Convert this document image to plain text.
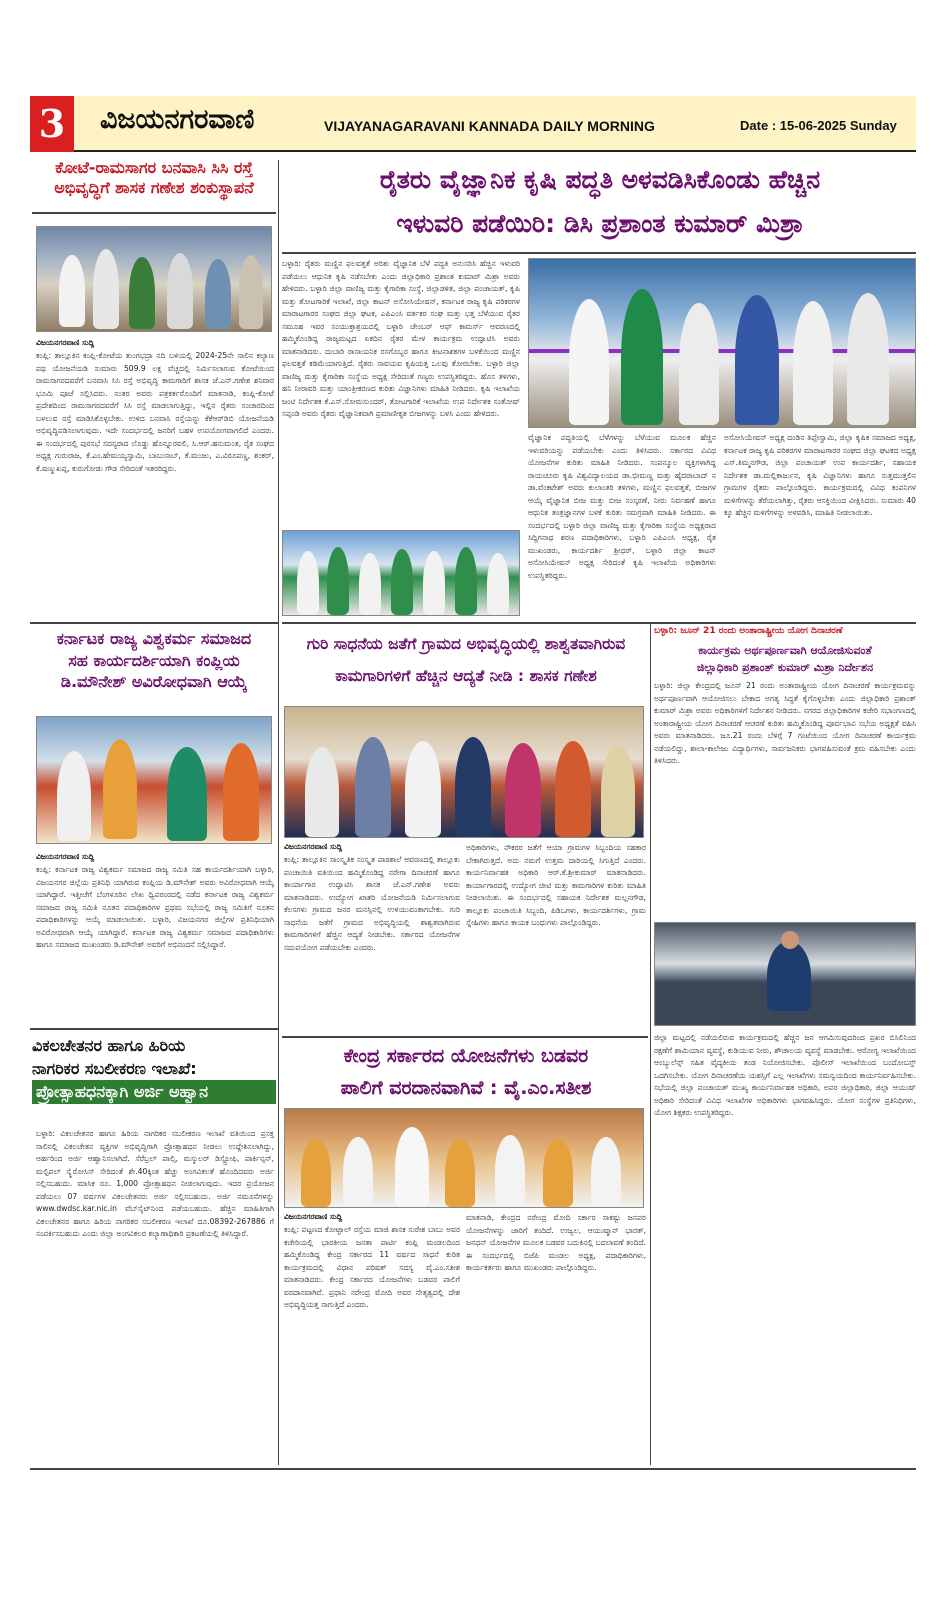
3	ವಿಜಯನಗರವಾಣಿ	VIJAYANAGARAVANI KANNADA DAILY MORNING	Date : 15-06-2025 Sunday
ಕೋಟೆ-ರಾಮಸಾಗರ ಬನವಾಸಿ ಸಿಸಿ ರಸ್ತೆ
ಅಭಿವೃದ್ಧಿಗೆ ಶಾಸಕ ಗಣೇಶ ಶಂಕುಸ್ಥಾಪನೆ
ವಿಜಯನಗರವಾಣಿ ಸುದ್ದಿ
ಕಂಪ್ಲಿ: ತಾಲ್ಲೂಕಿನ ಕಂಪ್ಲಿ-ಕೋಟೆಯ ತುಂಗಭದ್ರಾ ನದಿ ಬಳಿಯಲ್ಲಿ 2024-25ನೇ ಸಾಲಿನ ಕಲ್ಯಾಣ ಪಥ ಯೋಜನೆಯಡಿ ಸುಮಾರು 509.9 ಲಕ್ಷ ವೆಚ್ಚದಲ್ಲಿ ನಿರ್ಮಿಸಲಾಗುವ ಕೋಟೆಯಿಂದ ರಾಮಸಾಗರದವರೆಗೆ ಬನವಾಸಿ ಸಿಸಿ ರಸ್ತೆ ಅಭಿವೃದ್ಧಿ ಕಾಮಗಾರಿಗೆ ಶಾಸಕ ಜೆ.ಎನ್.ಗಣೇಶ ಶನಿವಾರ ಭೂಮಿ ಪೂಜೆ ಸಲ್ಲಿಸಿದರು. ನಂತರ ಅವರು ಪತ್ರಕರ್ತರೊಂದಿಗೆ ಮಾತನಾಡಿ, ಕಂಪ್ಲಿ-ಕೋಟೆ ಪ್ರದೇಶದಿಂದ ರಾಮಸಾಗರದವರೆಗೆ ಸಿಸಿ ರಸ್ತೆ ಮಾಡಲಾಗುತ್ತಿದ್ದು, ಇಲ್ಲಿನ ರೈತರು ಸಂಚಾರದಿಂದ ಬಳಲುವ ರಸ್ತೆ ಮಾಡಿಸಿಕೊಳ್ಳಬೇಕು. ಉಳಿದ ಬನವಾಸಿ ರಸ್ತೆಯನ್ನು ಕೆಕೆಆರ್‌ಡಿಬಿ ಯೋಜನೆಯಡಿ ಅಭಿವೃದ್ಧಿಪಡಿಸಲಾಗುವುದು. ಇದೇ ಸಂದರ್ಭದಲ್ಲಿ ಜನರಿಗೆ ಬಹಳ ಉಪಯೋಗವಾಗಲಿದೆ ಎಂದರು. ಈ ಸಂದರ್ಭದಲ್ಲಿ ಪುರಸಭೆ ಸದಸ್ಯರಾದ ಲೊಡ್ಡು ಹೊನ್ನೂರವಲಿ, ಸಿ.ಆರ್.ಹನುಮಂತ, ರೈತ ಸಂಘದ ಅಧ್ಯಕ್ಷ ಗುರುರಾಜ, ಕೆ.ಎಂ.ಹೇಮಯ್ಯಸ್ವಾಮಿ, ಬಾಬುಸಾಬ್, ಕೆ.ಮಂಜು, ಎ.ವಿರೂಪಣ್ಣ, ಶಂಕರ್, ಕೆ.ಷಣ್ಮುಖಪ್ಪ, ಕುರುಗೋಡು ಗೌಡ ಸೇರಿದಂತೆ ಇತರರಿದ್ದರು.
ಕರ್ನಾಟಕ ರಾಜ್ಯ ವಿಶ್ವಕರ್ಮ ಸಮಾಜದ
ಸಹ ಕಾರ್ಯದರ್ಶಿಯಾಗಿ ಕಂಪ್ಲಿಯ
ಡಿ.ಮೌನೇಶ್ ಅವಿರೋಧವಾಗಿ ಆಯ್ಕೆ
ವಿಜಯನಗರವಾಣಿ ಸುದ್ದಿ
ಕಂಪ್ಲಿ: ಕರ್ನಾಟಕ ರಾಜ್ಯ ವಿಶ್ವಕರ್ಮ ಸಮಾಜದ ರಾಜ್ಯ ಸಮಿತಿ ಸಹ ಕಾರ್ಯದರ್ಶಿಯಾಗಿ ಬಳ್ಳಾರಿ, ವಿಜಯನಗರ ಜಿಲ್ಲೆಯ ಪ್ರತಿನಿಧಿ ಯಾಗಿರುವ ಕಂಪ್ಲಿಯ ಡಿ.ಮೌನೇಶ್ ಅವರು ಅವಿರೋಧವಾಗಿ ಆಯ್ಕೆ ಯಾಗಿದ್ದಾರೆ. ಇತ್ತೀಚೆಗೆ ಬೆಂಗಳೂರಿನ ಲೇಖ ಧ್ವಿಪರಂರದಲ್ಲಿ ನಡೆದ ಕರ್ನಾಟಕ ರಾಜ್ಯ ವಿಶ್ವಕರ್ಮ ಸಮಾಜದ ರಾಜ್ಯ ಸಮಿತಿ ನೂತನ ಪದಾಧಿಕಾರಿಗಳ ಪ್ರಥಮ ಸಭೆಯಲ್ಲಿ ರಾಜ್ಯ ಸಮಿತಿಗೆ ನೂತನ ಪದಾಧಿಕಾರಿಗಳನ್ನು ಆಯ್ಕೆ ಮಾಡಲಾಯಿತು. ಬಳ್ಳಾರಿ, ವಿಜಯನಗರ ಜಿಲ್ಲೆಗಳ ಪ್ರತಿನಿಧಿಯಾಗಿ ಅವಿರೋಧವಾಗಿ ಆಯ್ಕೆ ಯಾಗಿದ್ದಾರೆ. ಕರ್ನಾಟಕ ರಾಜ್ಯ ವಿಶ್ವಕರ್ಮ ಸಮಾಜದ ಪದಾಧಿಕಾರಿಗಳು ಹಾಗೂ ಸಮಾಜದ ಮುಖಂಡರು ಡಿ.ಮೌನೇಶ್ ಅವರಿಗೆ ಅಭಿನಂದನೆ ಸಲ್ಲಿಸಿದ್ದಾರೆ.
ವಿಕಲಚೇತನರ ಹಾಗೂ ಹಿರಿಯ
ನಾಗರಿಕರ ಸಬಲೀಕರಣ ಇಲಾಖೆ:
ಪ್ರೋತ್ಸಾಹಧನಕ್ಕಾಗಿ ಅರ್ಜಿ ಅಹ್ವಾನ
ಬಳ್ಳಾರಿ: ವಿಕಲಚೇತನರ ಹಾಗೂ ಹಿರಿಯ ನಾಗರಿಕರ ಸಬಲೀಕರಣ ಇಲಾಖೆ ವತಿಯಿಂದ ಪ್ರಸಕ್ತ ಸಾಲಿನಲ್ಲಿ ವಿಕಲಚೇತನ ವ್ಯಕ್ತಿಗಳ ಅಭಿವೃದ್ಧಿಗಾಗಿ ಪ್ರೋತ್ಸಾಹಧನ ನೀಡಲು ಉದ್ದೇಶಿಸಲಾಗಿದ್ದು, ಅರ್ಹರಿಂದ ಅರ್ಜಿ ಆಹ್ವಾನಿಸಲಾಗಿದೆ. ಸೆರೆಬ್ರಲ್ ಪಾಲ್ಸಿ, ಮಸ್ಕುಲರ್ ಡಿಸ್ಟ್ರೋಫಿ, ಪಾರ್ಕಿನ್ಸನ್, ಮಲ್ಟಿಪಲ್ ಸ್ಕ್ಲೆರೋಸಿಸ್ ಸೇರಿದಂತೆ ಶೇ.40ಕ್ಕಿಂತ ಹೆಚ್ಚು ಅಂಗವಿಕಲತೆ ಹೊಂದಿದವರು ಅರ್ಜಿ ಸಲ್ಲಿಸಬಹುದು. ಮಾಸಿಕ ರೂ. 1,000 ಪ್ರೋತ್ಸಾಹಧನ ನೀಡಲಾಗುವುದು. ಇದರ ಪ್ರಯೋಜನ ಪಡೆಯಲು 07 ವರ್ಷಗಳ ವಿಕಲಚೇತನರು ಅರ್ಜಿ ಸಲ್ಲಿಸಬಹುದು. ಅರ್ಜಿ ನಮೂನೆಗಳನ್ನು www.dwdsc.kar.nic.in ವೆಬ್‌ಸೈಟ್‌ನಿಂದ ಪಡೆಯಬಹುದು. ಹೆಚ್ಚಿನ ಮಾಹಿತಿಗಾಗಿ ವಿಕಲಚೇತನರ ಹಾಗೂ ಹಿರಿಯ ನಾಗರಿಕರ ಸಬಲೀಕರಣ ಇಲಾಖೆ ದೂ.08392-267886 ಗೆ ಸಂಪರ್ಕಿಸಬಹುದು ಎಂದು ಜಿಲ್ಲಾ ಅಂಗವಿಕಲರ ಕಲ್ಯಾಣಾಧಿಕಾರಿ ಪ್ರಕಟಣೆಯಲ್ಲಿ ತಿಳಿಸಿದ್ದಾರೆ.
ರೈತರು ವೈಜ್ಞಾನಿಕ ಕೃಷಿ ಪದ್ಧತಿ ಅಳವಡಿಸಿಕೊಂಡು ಹೆಚ್ಚಿನ
ಇಳುವರಿ ಪಡೆಯಿರಿ: ಡಿಸಿ ಪ್ರಶಾಂತ ಕುಮಾರ್ ಮಿಶ್ರಾ
ಬಳ್ಳಾರಿ: ರೈತರು ಮಣ್ಣಿನ ಫಲವತ್ತತೆ ಅರಿತು ವೈಜ್ಞಾನಿಕ ಬೆಳೆ ಪದ್ಧತಿ ಅನುಸರಿಸಿ ಹೆಚ್ಚಿನ ಇಳುವರಿ ಪಡೆಯಲು ಆಧುನಿಕ ಕೃಷಿ ನಡೆಸಬೇಕು ಎಂದು ಜಿಲ್ಲಾಧಿಕಾರಿ ಪ್ರಶಾಂತ ಕುಮಾರ್ ಮಿಶ್ರಾ ಅವರು ಹೇಳಿದರು. ಬಳ್ಳಾರಿ ಜಿಲ್ಲಾ ವಾಣಿಜ್ಯ ಮತ್ತು ಕೈಗಾರಿಕಾ ಸಂಸ್ಥೆ, ಜಿಲ್ಲಾಡಳಿತ, ಜಿಲ್ಲಾ ಪಂಚಾಯತ್, ಕೃಷಿ ಮತ್ತು ತೋಟಗಾರಿಕೆ ಇಲಾಖೆ, ಜಿಲ್ಲಾ ಕಾಟನ್ ಅಸೋಸಿಯೇಷನ್, ಕರ್ನಾಟಕ ರಾಜ್ಯ ಕೃಷಿ ಪರಿಕರಗಳ ಮಾರಾಟಗಾರರ ಸಂಘದ ಜಿಲ್ಲಾ ಘಟಕ, ಎಪಿಎಂಸಿ ವರ್ತಕರ ಸಂಘ ಮತ್ತು ಭತ್ತ ಬೆಳೆಯುವ ರೈತರ ಸಮೂಹ ಇವರ ಸಂಯುಕ್ತಾಶ್ರಯದಲ್ಲಿ ಬಳ್ಳಾರಿ ಚೇಂಬರ್ ಆಫ್ ಕಾಮರ್ಸ್ ಆವರಣದಲ್ಲಿ ಹಮ್ಮಿಕೊಂಡಿದ್ದ ರಾಜ್ಯಮಟ್ಟದ ಏಕದಿನ ರೈತರ ಮೇಳ ಕಾರ್ಯಕ್ರಮ ಉದ್ಘಾಟಿಸಿ ಅವರು ಮಾತನಾಡಿದರು. ದುಬಾರಿ ರಾಸಾಯನಿಕ ರಸಗೊಬ್ಬರ ಹಾಗೂ ಕೀಟನಾಶಕಗಳ ಬಳಕೆಯಿಂದ ಮಣ್ಣಿನ ಫಲವತ್ತತೆ ಕಡಿಮೆಯಾಗುತ್ತಿದೆ. ರೈತರು ಸಾವಯವ ಕೃಷಿಯತ್ತ ಒಲವು ತೋರಬೇಕು. ಬಳ್ಳಾರಿ ಜಿಲ್ಲಾ ವಾಣಿಜ್ಯ ಮತ್ತು ಕೈಗಾರಿಕಾ ಸಂಸ್ಥೆಯ ಅಧ್ಯಕ್ಷ ಸೇರಿದಂತೆ ಗಣ್ಯರು ಉಪಸ್ಥಿತರಿದ್ದರು. ಹೊಸ ತಳಿಗಳು, ಹನಿ ನೀರಾವರಿ ಮತ್ತು ಯಾಂತ್ರೀಕರಣದ ಕುರಿತು ವಿಜ್ಞಾನಿಗಳು ಮಾಹಿತಿ ನೀಡಿದರು. ಕೃಷಿ ಇಲಾಖೆಯ ಜಂಟಿ ನಿರ್ದೇಶಕ ಕೆ.ಎಸ್.ಸೋಮಸುಂದರ್, ತೋಟಗಾರಿಕೆ ಇಲಾಖೆಯ ಉಪ ನಿರ್ದೇಶಕ ಸಂತೋಷ್ ಸಪ್ಪಂಡಿ ಅವರು ರೈತರು ವೈಜ್ಞಾನಿಕವಾಗಿ ಪ್ರಮಾಣೀಕೃತ ಬೀಜಗಳನ್ನು ಬಳಸಿ ಎಂದು ಹೇಳಿದರು.
ವೈಜ್ಞಾನಿಕ ಪದ್ಧತಿಯಲ್ಲಿ ಬೆಳೆಗಳನ್ನು ಬೆಳೆಯುವ ಮೂಲಕ ಹೆಚ್ಚಿನ ಇಳುವರಿಯನ್ನು ಪಡೆಯಬೇಕು ಎಂದು ತಿಳಿಸಿದರು. ಸರ್ಕಾರದ ವಿವಿಧ ಯೋಜನೆಗಳ ಕುರಿತು ಮಾಹಿತಿ ನೀಡಿದರು. ಸಂಪನ್ಮೂಲ ವ್ಯಕ್ತಿಗಳಾಗಿದ್ದ ರಾಯಚೂರು ಕೃಷಿ ವಿಶ್ವವಿದ್ಯಾಲಯದ ಡಾ.ಭೀಮಣ್ಣ ಮತ್ತು ಹೈದರಾಬಾದ್ ನ ಡಾ.ವೆಂಕಟೇಶ್ ಅವರು ಕುಲಾಂತರಿ ತಳಿಗಳು, ಮಣ್ಣಿನ ಫಲವತ್ತತೆ, ಬೀಜಗಳ ಆಯ್ಕೆ ವೈಜ್ಞಾನಿಕ ಬೀಜ ಮತ್ತು ಬೀಜ ಸಂಸ್ಕರಣೆ, ನೀರು ನಿರ್ವಹಣೆ ಹಾಗೂ ಆಧುನಿಕ ತಂತ್ರಜ್ಞಾನಗಳ ಬಳಕೆ ಕುರಿತು ಸಮಗ್ರವಾಗಿ ಮಾಹಿತಿ ನೀಡಿದರು. ಈ ಸಂದರ್ಭದಲ್ಲಿ ಬಳ್ಳಾರಿ ಜಿಲ್ಲಾ ವಾಣಿಜ್ಯ ಮತ್ತು ಕೈಗಾರಿಕಾ ಸಂಸ್ಥೆಯ ಅಧ್ಯಕ್ಷರಾದ ಸಿದ್ದಿಗನಾಥ ಶರಣ ಪದಾಧಿಕಾರಿಗಳು, ಬಳ್ಳಾರಿ ಎಪಿಎಂಸಿ ಅಧ್ಯಕ್ಷ, ರೈತ ಮುಖಂಡರು, ಕಾರ್ಯದರ್ಶಿ ಶ್ರೀಧರ್, ಬಳ್ಳಾರಿ ಜಿಲ್ಲಾ ಕಾಟನ್ ಅಸೋಸಿಯೇಷನ್ ಅಧ್ಯಕ್ಷ ಸೇರಿದಂತೆ ಕೃಷಿ ಇಲಾಖೆಯ ಅಧಿಕಾರಿಗಳು ಉಪಸ್ಥಿತರಿದ್ದರು.
ಅಸೋಸಿಯೇಷನ್ ಅಧ್ಯಕ್ಷ ದಂಡಿನ ತಿಪ್ಪೇಸ್ವಾಮಿ, ಜಿಲ್ಲಾ ಕೃಷಿಕ ಸಮಾಜದ ಅಧ್ಯಕ್ಷ, ಕರ್ನಾಟಕ ರಾಜ್ಯ ಕೃಷಿ ಪರಿಕರಗಳ ಮಾರಾಟಗಾರರ ಸಂಘದ ಜಿಲ್ಲಾ ಘಟಕದ ಅಧ್ಯಕ್ಷ ಎಸ್.ತಿಮ್ಮನಗೌಡ, ಜಿಲ್ಲಾ ಪಂಚಾಯತ್ ಉಪ ಕಾರ್ಯದರ್ಶಿ, ಸಹಾಯಕ ನಿರ್ದೇಶಕ ಡಾ.ಮಲ್ಲಿಕಾರ್ಜುನ, ಕೃಷಿ ವಿಜ್ಞಾನಿಗಳು ಹಾಗೂ ಸುತ್ತಮುತ್ತಲಿನ ಗ್ರಾಮಗಳ ರೈತರು ಪಾಲ್ಗೊಂಡಿದ್ದರು. ಕಾರ್ಯಕ್ರಮದಲ್ಲಿ ವಿವಿಧ ಕಂಪನಿಗಳ ಮಳಿಗೆಗಳನ್ನು ತೆರೆಯಲಾಗಿತ್ತು, ರೈತರು ಆಸಕ್ತಿಯಿಂದ ವೀಕ್ಷಿಸಿದರು. ಸುಮಾರು 40 ಕ್ಕೂ ಹೆಚ್ಚಿನ ಮಳಿಗೆಗಳನ್ನು ಅಳವಡಿಸಿ, ಮಾಹಿತಿ ನೀಡಲಾಯಿತು.
ಗುರಿ ಸಾಧನೆಯ ಜತೆಗೆ ಗ್ರಾಮದ ಅಭಿವೃದ್ಧಿಯಲ್ಲಿ ಶಾಶ್ವತವಾಗಿರುವ
ಕಾಮಗಾರಿಗಳಿಗೆ ಹೆಚ್ಚಿನ ಆದ್ಯತೆ ನೀಡಿ : ಶಾಸಕ ಗಣೇಶ
ವಿಜಯನಗರವಾಣಿ ಸುದ್ದಿ
ಕಂಪ್ಲಿ: ತಾಲ್ಲೂಕಿನ ಸಾಂಸ್ಕೃತಿಕ ಸಂಸ್ಕೃತ ಪಾಠಶಾಲೆ ಆವರಣದಲ್ಲಿ ತಾಲ್ಲೂಕು ಪಂಚಾಯಿತಿ ವತಿಯಿಂದ ಹಮ್ಮಿಕೊಂಡಿದ್ದ ನರೇಗಾ ದಿನಾಚರಣೆ ಹಾಗೂ ಕಾರ್ಯಾಗಾರ ಉದ್ಘಾಟಿಸಿ ಶಾಸಕ ಜೆ.ಎನ್.ಗಣೇಶ ಅವರು ಮಾತನಾಡಿದರು. ಉದ್ಯೋಗ ಖಾತರಿ ಯೋಜನೆಯಡಿ ನಿರ್ಮಿಸಲಾಗುವ ಕೆಲಸಗಳು ಗ್ರಾಮದ ಜನರ ಮನಸ್ಸಿನಲ್ಲಿ ಉಳಿಯುವಂತಾಗಬೇಕು. ಗುರಿ ಸಾಧನೆಯ ಜತೆಗೆ ಗ್ರಾಮದ ಅಭಿವೃದ್ಧಿಯಲ್ಲಿ ಶಾಶ್ವತವಾಗಿರುವ ಕಾಮಗಾರಿಗಳಿಗೆ ಹೆಚ್ಚಿನ ಆದ್ಯತೆ ನೀಡಬೇಕು. ಸರ್ಕಾರದ ಯೋಜನೆಗಳ ಸದುಪಯೋಗ ಪಡೆಯಬೇಕು ಎಂದರು.
ಅಧಿಕಾರಿಗಳು, ನೌಕರರ ಜತೆಗೆ ಆಯಾ ಗ್ರಾಮಗಳ ಸಿಬ್ಬಂದಿಯ ಸಹಕಾರ ಬೇಕಾಗಿರುತ್ತದೆ. ಅದು ನಮಗೆ ಉತ್ತಮ ದಾರಿಯಲ್ಲಿ ಸಿಗುತ್ತಿದೆ ಎಂದರು. ಕಾರ್ಯನಿರ್ವಾಹಕ ಅಧಿಕಾರಿ ಆರ್.ಕೆ.ಶ್ರೀಕುಮಾರ್ ಮಾತನಾಡಿದರು. ಕಾರ್ಯಾಗಾರದಲ್ಲಿ ಉದ್ಯೋಗ ಚೀಟಿ ಮತ್ತು ಕಾಮಗಾರಿಗಳ ಕುರಿತು ಮಾಹಿತಿ ನೀಡಲಾಯಿತು. ಈ ಸಂದರ್ಭದಲ್ಲಿ ಸಹಾಯಕ ನಿರ್ದೇಶಕ ಮಲ್ಲನಗೌಡ, ತಾಲ್ಲೂಕು ಪಂಚಾಯಿತಿ ಸಿಬ್ಬಂದಿ, ಪಿಡಿಒಗಳು, ಕಾರ್ಯದರ್ಶಿಗಳು, ಗ್ರಾಮ ಸ್ನೇಹಿಗಳು ಹಾಗೂ ಕಾಯಕ ಬಂಧುಗಳು ಪಾಲ್ಗೊಂಡಿದ್ದರು.
ಕೇಂದ್ರ ಸರ್ಕಾರದ ಯೋಜನೆಗಳು ಬಡವರ
ಪಾಲಿಗೆ ವರದಾನವಾಗಿವೆ : ವೈ.ಎಂ.ಸತೀಶ
ವಿಜಯನಗರವಾಣಿ ಸುದ್ದಿ
ಕಂಪ್ಲಿ: ಪಟ್ಟಣದ ಕೋಟ್ಟಾಲ್ ರಸ್ತೆಯ ಮಾಜಿ ಶಾಸಕ ಸುರೇಶ ಬಾಬು ಅವರ ಕಚೇರಿಯಲ್ಲಿ ಭಾರತೀಯ ಜನತಾ ಪಾರ್ಟಿ ಕಂಪ್ಲಿ ಮಂಡಲದಿಂದ ಹಮ್ಮಿಕೊಂಡಿದ್ದ ಕೇಂದ್ರ ಸರ್ಕಾರದ 11 ವರ್ಷದ ಸಾಧನೆ ಕುರಿತ ಕಾರ್ಯಕ್ರಮದಲ್ಲಿ ವಿಧಾನ ಪರಿಷತ್ ಸದಸ್ಯ ವೈ.ಎಂ.ಸತೀಶ ಮಾತನಾಡಿದರು. ಕೇಂದ್ರ ಸರ್ಕಾರದ ಯೋಜನೆಗಳು ಬಡವರ ಪಾಲಿಗೆ ವರದಾನವಾಗಿವೆ. ಪ್ರಧಾನಿ ನರೇಂದ್ರ ಮೋದಿ ಅವರ ನೇತೃತ್ವದಲ್ಲಿ ದೇಶ ಅಭಿವೃದ್ಧಿಯತ್ತ ಸಾಗುತ್ತಿದೆ ಎಂದರು.
ಮಾತನಾಡಿ, ಕೇಂದ್ರದ ನರೇಂದ್ರ ಮೋದಿ ಸರ್ಕಾರ ಸಾಕಷ್ಟು ಜನಪರ ಯೋಜನೆಗಳನ್ನು ಜಾರಿಗೆ ತಂದಿದೆ. ಉಜ್ವಲ, ಆಯುಷ್ಮಾನ್ ಭಾರತ್, ಜನಧನ್ ಯೋಜನೆಗಳ ಮೂಲಕ ಬಡವರ ಬದುಕಿನಲ್ಲಿ ಬದಲಾವಣೆ ತಂದಿದೆ. ಈ ಸಂದರ್ಭದಲ್ಲಿ ಬಿಜೆಪಿ ಮಂಡಲ ಅಧ್ಯಕ್ಷ, ಪದಾಧಿಕಾರಿಗಳು, ಕಾರ್ಯಕರ್ತರು ಹಾಗೂ ಮುಖಂಡರು ಪಾಲ್ಗೊಂಡಿದ್ದರು.
ಬಳ್ಳಾರಿ: ಜೂನ್ 21 ರಂದು ಅಂತಾರಾಷ್ಟ್ರೀಯ ಯೋಗ ದಿನಾಚರಣೆ
ಕಾರ್ಯಕ್ರಮ ಅರ್ಥಪೂರ್ಣವಾಗಿ ಆಯೋಜಿಸುವಂತೆ
ಜಿಲ್ಲಾಧಿಕಾರಿ ಪ್ರಶಾಂತ್ ಕುಮಾರ್ ಮಿಶ್ರಾ ನಿರ್ದೇಶನ
ಬಳ್ಳಾರಿ: ಜಿಲ್ಲಾ ಕೇಂದ್ರದಲ್ಲಿ ಜೂನ್ 21 ರಂದು ಅಂತಾರಾಷ್ಟ್ರೀಯ ಯೋಗ ದಿನಾಚರಣೆ ಕಾರ್ಯಕ್ರಮವನ್ನು ಅರ್ಥಪೂರ್ಣವಾಗಿ ಆಯೋಜಿಸಲು ಬೇಕಾದ ಅಗತ್ಯ ಸಿದ್ಧತೆ ಕೈಗೊಳ್ಳಬೇಕು ಎಂದು ಜಿಲ್ಲಾಧಿಕಾರಿ ಪ್ರಶಾಂತ್ ಕುಮಾರ್ ಮಿಶ್ರಾ ಅವರು ಅಧಿಕಾರಿಗಳಿಗೆ ನಿರ್ದೇಶನ ನೀಡಿದರು. ನಗರದ ಜಿಲ್ಲಾಧಿಕಾರಿಗಳ ಕಚೇರಿ ಸಭಾಂಗಣದಲ್ಲಿ ಅಂತಾರಾಷ್ಟ್ರೀಯ ಯೋಗ ದಿನಾಚರಣೆ ಆಚರಣೆ ಕುರಿತು ಹಮ್ಮಿಕೊಂಡಿದ್ದ ಪೂರ್ವಭಾವಿ ಸಭೆಯ ಅಧ್ಯಕ್ಷತೆ ವಹಿಸಿ ಅವರು ಮಾತನಾಡಿದರು. ಜೂ.21 ರಂದು ಬೆಳಿಗ್ಗೆ 7 ಗಂಟೆಯಿಂದ ಯೋಗ ದಿನಾಚರಣೆ ಕಾರ್ಯಕ್ರಮ ನಡೆಯಲಿದ್ದು, ಶಾಲಾ-ಕಾಲೇಜು ವಿದ್ಯಾರ್ಥಿಗಳು, ಸಾರ್ವಜನಿಕರು ಭಾಗವಹಿಸುವಂತೆ ಕ್ರಮ ವಹಿಸಬೇಕು ಎಂದು ತಿಳಿಸಿದರು.
ಜಿಲ್ಲಾ ಮಟ್ಟದಲ್ಲಿ ನಡೆಯಲಿರುವ ಕಾರ್ಯಕ್ರಮದಲ್ಲಿ ಹೆಚ್ಚಿನ ಜನ ಆಗಮಿಸುವುದರಿಂದ ಪ್ರಖರ ಬಿಸಿಲಿನಿಂದ ರಕ್ಷಣೆಗೆ ಶಾಮಿಯಾನ ವ್ಯವಸ್ಥೆ, ಕುಡಿಯುವ ನೀರು, ಶೌಚಾಲಯ ವ್ಯವಸ್ಥೆ ಮಾಡಬೇಕು. ಆರೋಗ್ಯ ಇಲಾಖೆಯಿಂದ ಆಂಬ್ಯುಲೆನ್ಸ್ ಸಹಿತ ವೈದ್ಯಕೀಯ ತಂಡ ನಿಯೋಜಿಸಬೇಕು. ಪೊಲೀಸ್ ಇಲಾಖೆಯಿಂದ ಬಂದೋಬಸ್ತ್ ಒದಗಿಸಬೇಕು. ಯೋಗ ದಿನಾಚರಣೆಯ ಯಶಸ್ಸಿಗೆ ಎಲ್ಲ ಇಲಾಖೆಗಳು ಸಮನ್ವಯದಿಂದ ಕಾರ್ಯನಿರ್ವಹಿಸಬೇಕು. ಸಭೆಯಲ್ಲಿ ಜಿಲ್ಲಾ ಪಂಚಾಯತ್ ಮುಖ್ಯ ಕಾರ್ಯನಿರ್ವಾಹಕ ಅಧಿಕಾರಿ, ಅಪರ ಜಿಲ್ಲಾಧಿಕಾರಿ, ಜಿಲ್ಲಾ ಆಯುಷ್ ಅಧಿಕಾರಿ ಸೇರಿದಂತೆ ವಿವಿಧ ಇಲಾಖೆಗಳ ಅಧಿಕಾರಿಗಳು ಭಾಗವಹಿಸಿದ್ದರು. ಯೋಗ ಸಂಸ್ಥೆಗಳ ಪ್ರತಿನಿಧಿಗಳು, ಯೋಗ ಶಿಕ್ಷಕರು ಉಪಸ್ಥಿತರಿದ್ದರು.
